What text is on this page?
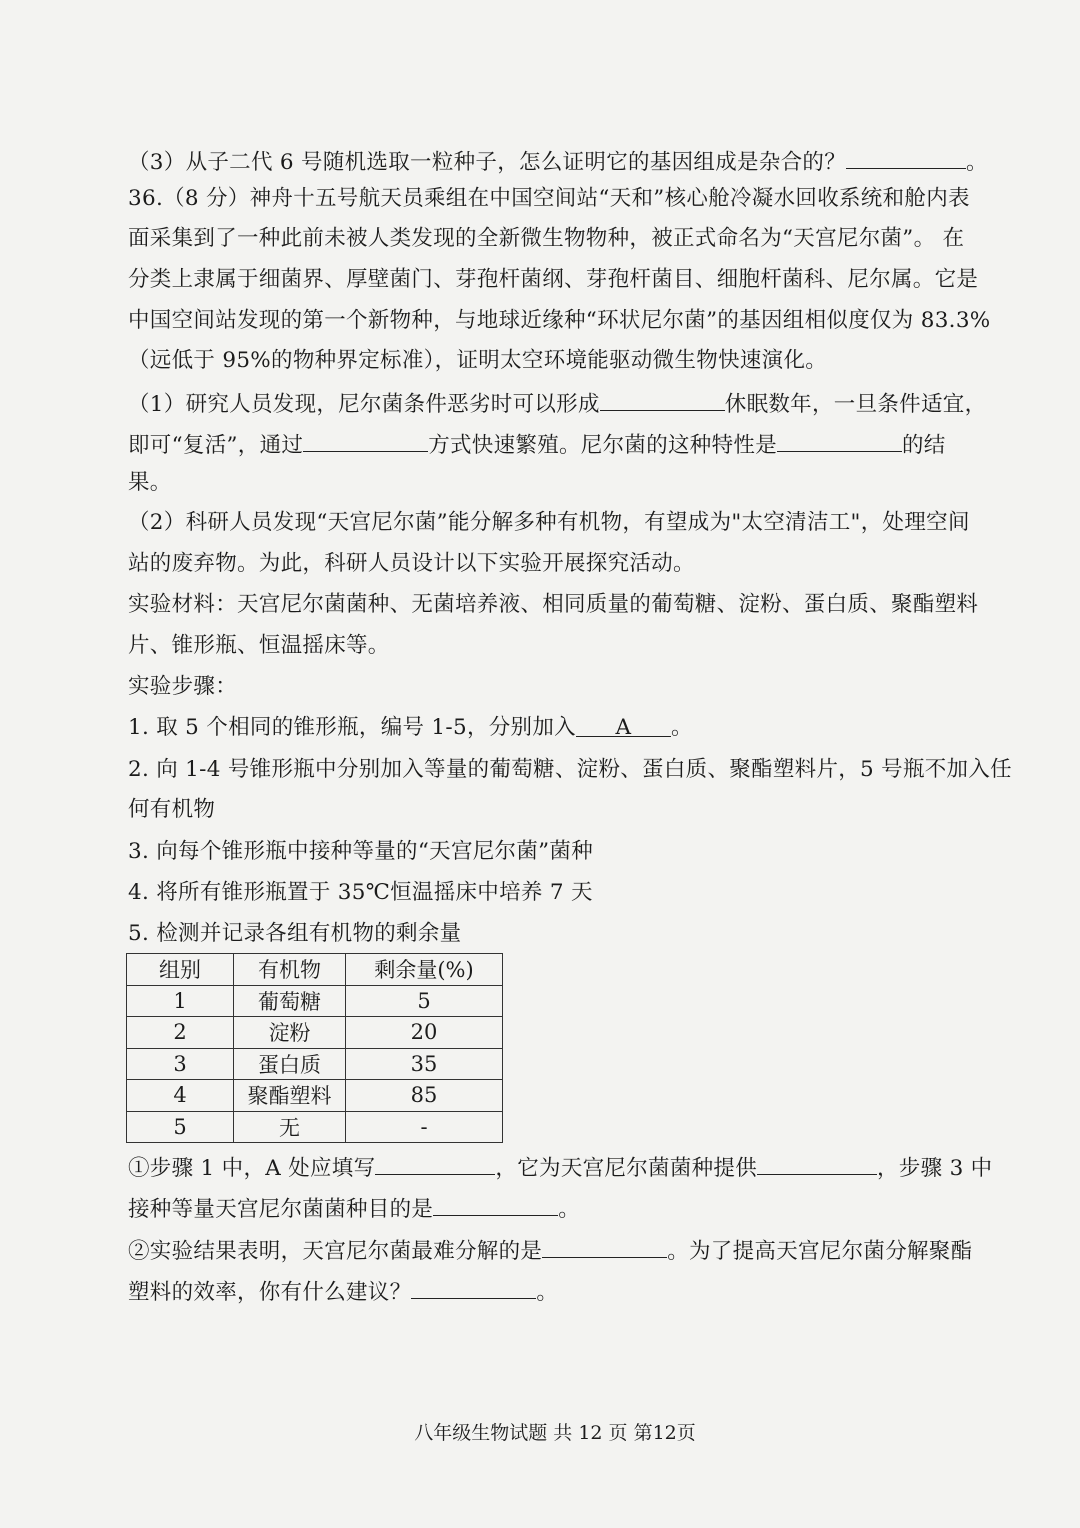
（3）从子二代 6 号随机选取一粒种子，怎么证明它的基因组成是杂合的？	。
36.（8 分）神舟十五号航天员乘组在中国空间站“天和”核心舱冷凝水回收系统和舱内表
面采集到了一种此前未被人类发现的全新微生物物种，被正式命名为“天宫尼尔菌”。 在
分类上隶属于细菌界、厚壁菌门、芽孢杆菌纲、芽孢杆菌目、细胞杆菌科、尼尔属。它是
中国空间站发现的第一个新物种，与地球近缘种“环状尼尔菌”的基因组相似度仅为 83.3%
（远低于 95%的物种界定标准），证明太空环境能驱动微生物快速演化。
（1）研究人员发现，尼尔菌条件恶劣时可以形成	休眠数年，一旦条件适宜，
即可“复活”，通过	方式快速繁殖。尼尔菌的这种特性是	的结
果。
（2）科研人员发现“天宫尼尔菌”能分解多种有机物，有望成为"太空清洁工"，处理空间
站的废弃物。为此，科研人员设计以下实验开展探究活动。
实验材料：天宫尼尔菌菌种、无菌培养液、相同质量的葡萄糖、淀粉、蛋白质、聚酯塑料
片、锥形瓶、恒温摇床等。
实验步骤：
1. 取 5 个相同的锥形瓶，编号 1-5，分别加入 A 。
2. 向 1-4 号锥形瓶中分别加入等量的葡萄糖、淀粉、蛋白质、聚酯塑料片，5 号瓶不加入任
何有机物
3. 向每个锥形瓶中接种等量的“天宫尼尔菌”菌种
4. 将所有锥形瓶置于 35℃恒温摇床中培养 7 天
5. 检测并记录各组有机物的剩余量
组别	有机物	剩余量(%)
1	葡萄糖	5
2	淀粉	20
3	蛋白质	35
4	聚酯塑料	85
5	无	-
①步骤 1 中，A 处应填写	，它为天宫尼尔菌菌种提供	，步骤 3 中
接种等量天宫尼尔菌菌种目的是	。
②实验结果表明，天宫尼尔菌最难分解的是	。为了提高天宫尼尔菌分解聚酯
塑料的效率，你有什么建议？	。
八年级生物试题 共 12 页 第12页
